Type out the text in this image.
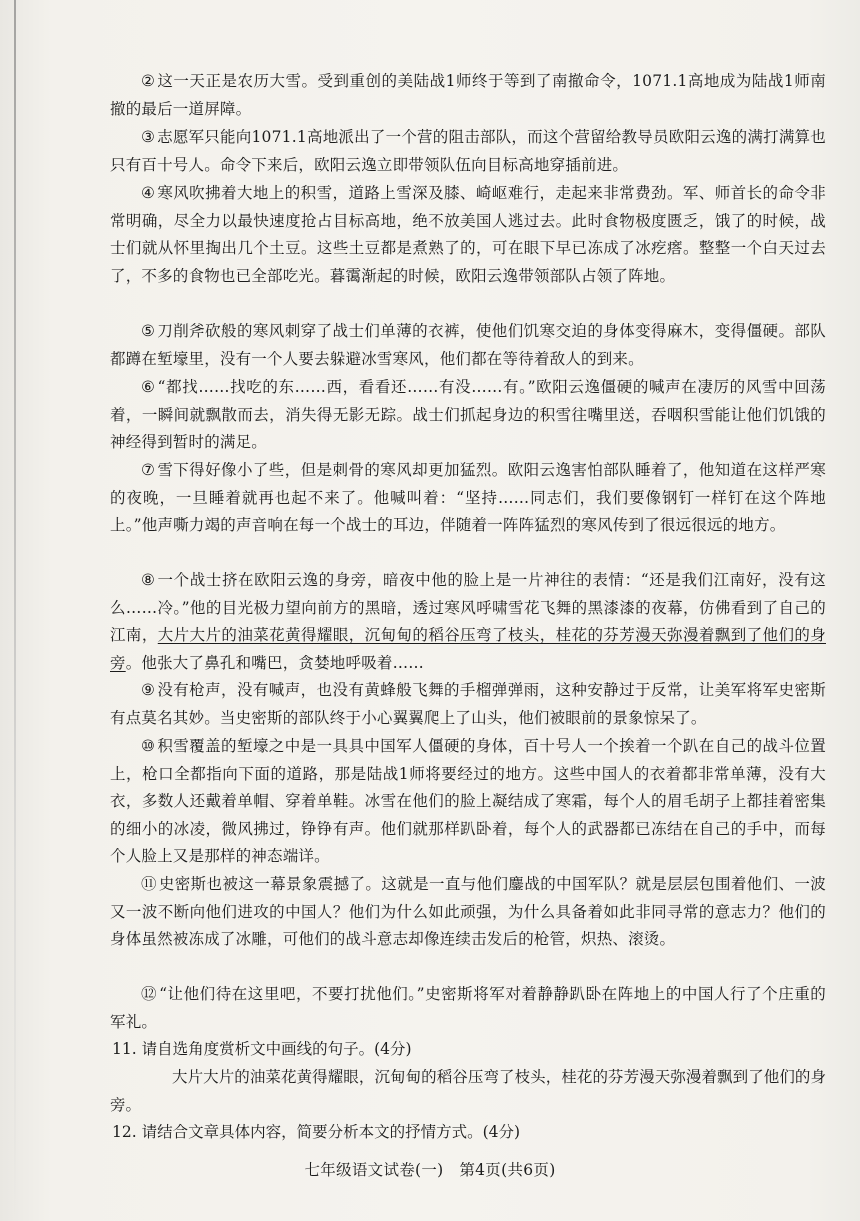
② 这一天正是农历大雪。受到重创的美陆战1师终于等到了南撤命令，1071.1高地成为陆战1师南撤的最后一道屏障。

③ 志愿军只能向1071.1高地派出了一个营的阻击部队，而这个营留给教导员欧阳云逸的满打满算也只有百十号人。命令下来后，欧阳云逸立即带领队伍向目标高地穿插前进。

④ 寒风吹拂着大地上的积雪，道路上雪深及膝、崎岖难行，走起来非常费劲。军、师首长的命令非常明确，尽全力以最快速度抢占目标高地，绝不放美国人逃过去。此时食物极度匮乏，饿了的时候，战士们就从怀里掏出几个土豆。这些土豆都是煮熟了的，可在眼下早已冻成了冰疙瘩。整整一个白天过去了，不多的食物也已全部吃光。暮霭渐起的时候，欧阳云逸带领部队占领了阵地。

⑤ 刀削斧砍般的寒风刺穿了战士们单薄的衣裤，使他们饥寒交迫的身体变得麻木，变得僵硬。部队都蹲在堑壕里，没有一个人要去躲避冰雪寒风，他们都在等待着敌人的到来。

⑥ “都找……找吃的东……西，看看还……有没……有。”欧阳云逸僵硬的喊声在凄厉的风雪中回荡着，一瞬间就飘散而去，消失得无影无踪。战士们抓起身边的积雪往嘴里送，吞咽积雪能让他们饥饿的神经得到暂时的满足。

⑦ 雪下得好像小了些，但是刺骨的寒风却更加猛烈。欧阳云逸害怕部队睡着了，他知道在这样严寒的夜晚，一旦睡着就再也起不来了。他喊叫着：“坚持……同志们，我们要像钢钉一样钉在这个阵地上。”他声嘶力竭的声音响在每一个战士的耳边，伴随着一阵阵猛烈的寒风传到了很远很远的地方。

⑧ 一个战士挤在欧阳云逸的身旁，暗夜中他的脸上是一片神往的表情：“还是我们江南好，没有这么……冷。”他的目光极力望向前方的黑暗，透过寒风呼啸雪花飞舞的黑漆漆的夜幕，仿佛看到了自己的江南，大片大片的油菜花黄得耀眼，沉甸甸的稻谷压弯了枝头，桂花的芬芳漫天弥漫着飘到了他们的身旁。他张大了鼻孔和嘴巴，贪婪地呼吸着……

⑨ 没有枪声，没有喊声，也没有黄蜂般飞舞的手榴弹弹雨，这种安静过于反常，让美军将军史密斯有点莫名其妙。当史密斯的部队终于小心翼翼爬上了山头，他们被眼前的景象惊呆了。

⑩ 积雪覆盖的堑壕之中是一具具中国军人僵硬的身体，百十号人一个挨着一个趴在自己的战斗位置上，枪口全都指向下面的道路，那是陆战1师将要经过的地方。这些中国人的衣着都非常单薄，没有大衣，多数人还戴着单帽、穿着单鞋。冰雪在他们的脸上凝结成了寒霜，每个人的眉毛胡子上都挂着密集的细小的冰凌，微风拂过，铮铮有声。他们就那样趴卧着，每个人的武器都已冻结在自己的手中，而每个人脸上又是那样的神态端详。

⑪ 史密斯也被这一幕景象震撼了。这就是一直与他们鏖战的中国军队？就是层层包围着他们、一波又一波不断向他们进攻的中国人？他们为什么如此顽强，为什么具备着如此非同寻常的意志力？他们的身体虽然被冻成了冰雕，可他们的战斗意志却像连续击发后的枪管，炽热、滚烫。

⑫ “让他们待在这里吧，不要打扰他们。”史密斯将军对着静静趴卧在阵地上的中国人行了个庄重的军礼。

11. 请自选角度赏析文中画线的句子。(4分)

大片大片的油菜花黄得耀眼，沉甸甸的稻谷压弯了枝头，桂花的芬芳漫天弥漫着飘到了他们的身旁。

12. 请结合文章具体内容，简要分析本文的抒情方式。(4分)

七年级语文试卷(一)　第4页(共6页)
